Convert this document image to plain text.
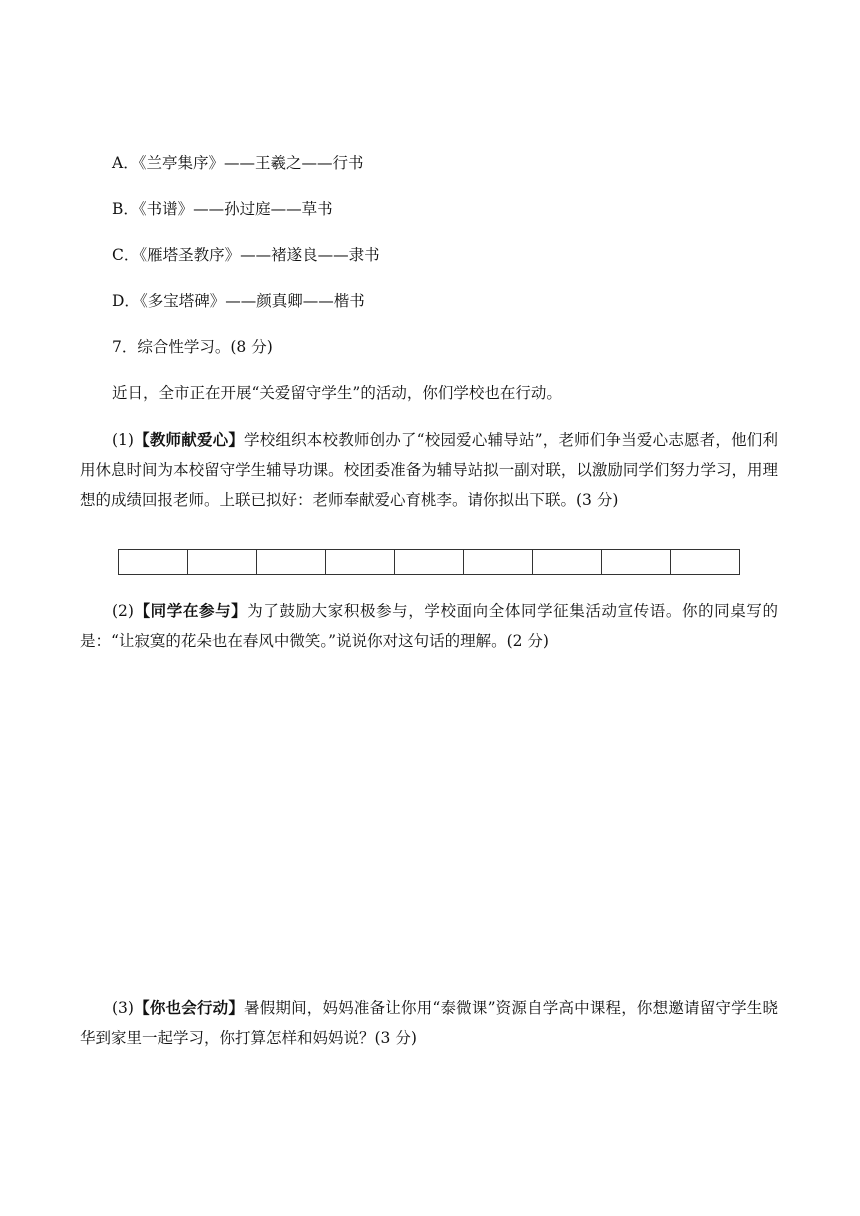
A．《兰亭集序》——王羲之——行书
B．《书谱》——孙过庭——草书
C．《雁塔圣教序》——褚遂良——隶书
D．《多宝塔碑》——颜真卿——楷书
7．综合性学习。(8 分)
近日，全市正在开展“关爱留守学生”的活动，你们学校也在行动。
(1)【教师献爱心】学校组织本校教师创办了“校园爱心辅导站”，老师们争当爱心志愿者，他们利用休息时间为本校留守学生辅导功课。校团委准备为辅导站拟一副对联，以激励同学们努力学习，用理想的成绩回报老师。上联已拟好：老师奉献爱心育桃李。请你拟出下联。(3 分)
(2)【同学在参与】为了鼓励大家积极参与，学校面向全体同学征集活动宣传语。你的同桌写的是：“让寂寞的花朵也在春风中微笑。”说说你对这句话的理解。(2 分)
(3)【你也会行动】暑假期间，妈妈准备让你用“泰微课”资源自学高中课程，你想邀请留守学生晓华到家里一起学习，你打算怎样和妈妈说？(3 分)
